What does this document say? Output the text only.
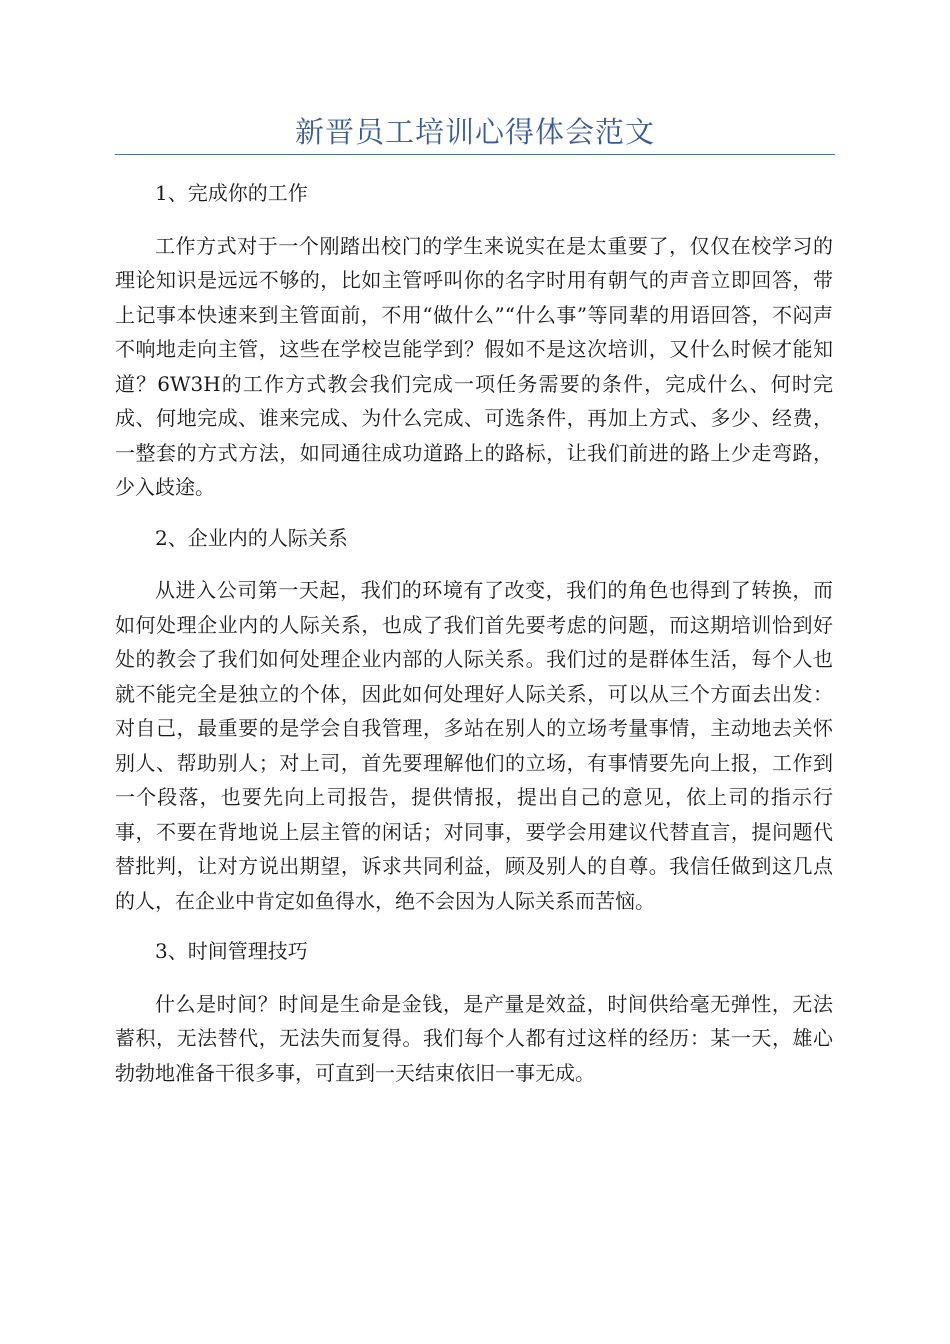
新晋员工培训心得体会范文

1、完成你的工作

工作方式对于一个刚踏出校门的学生来说实在是太重要了，仅仅在校学习的理论知识是远远不够的，比如主管呼叫你的名字时用有朝气的声音立即回答，带上记事本快速来到主管面前，不用“做什么”“什么事”等同辈的用语回答，不闷声不响地走向主管，这些在学校岂能学到？假如不是这次培训，又什么时候才能知道？6W3H的工作方式教会我们完成一项任务需要的条件，完成什么、何时完成、何地完成、谁来完成、为什么完成、可选条件，再加上方式、多少、经费，一整套的方式方法，如同通往成功道路上的路标，让我们前进的路上少走弯路，少入歧途。

2、企业内的人际关系

从进入公司第一天起，我们的环境有了改变，我们的角色也得到了转换，而如何处理企业内的人际关系，也成了我们首先要考虑的问题，而这期培训恰到好处的教会了我们如何处理企业内部的人际关系。我们过的是群体生活，每个人也就不能完全是独立的个体，因此如何处理好人际关系，可以从三个方面去出发：对自己，最重要的是学会自我管理，多站在别人的立场考量事情，主动地去关怀别人、帮助别人；对上司，首先要理解他们的立场，有事情要先向上报，工作到一个段落，也要先向上司报告，提供情报，提出自己的意见，依上司的指示行事，不要在背地说上层主管的闲话；对同事，要学会用建议代替直言，提问题代替批判，让对方说出期望，诉求共同利益，顾及别人的自尊。我信任做到这几点的人，在企业中肯定如鱼得水，绝不会因为人际关系而苦恼。

3、时间管理技巧

什么是时间？时间是生命是金钱，是产量是效益，时间供给毫无弹性，无法蓄积，无法替代，无法失而复得。我们每个人都有过这样的经历：某一天，雄心勃勃地准备干很多事，可直到一天结束依旧一事无成。
